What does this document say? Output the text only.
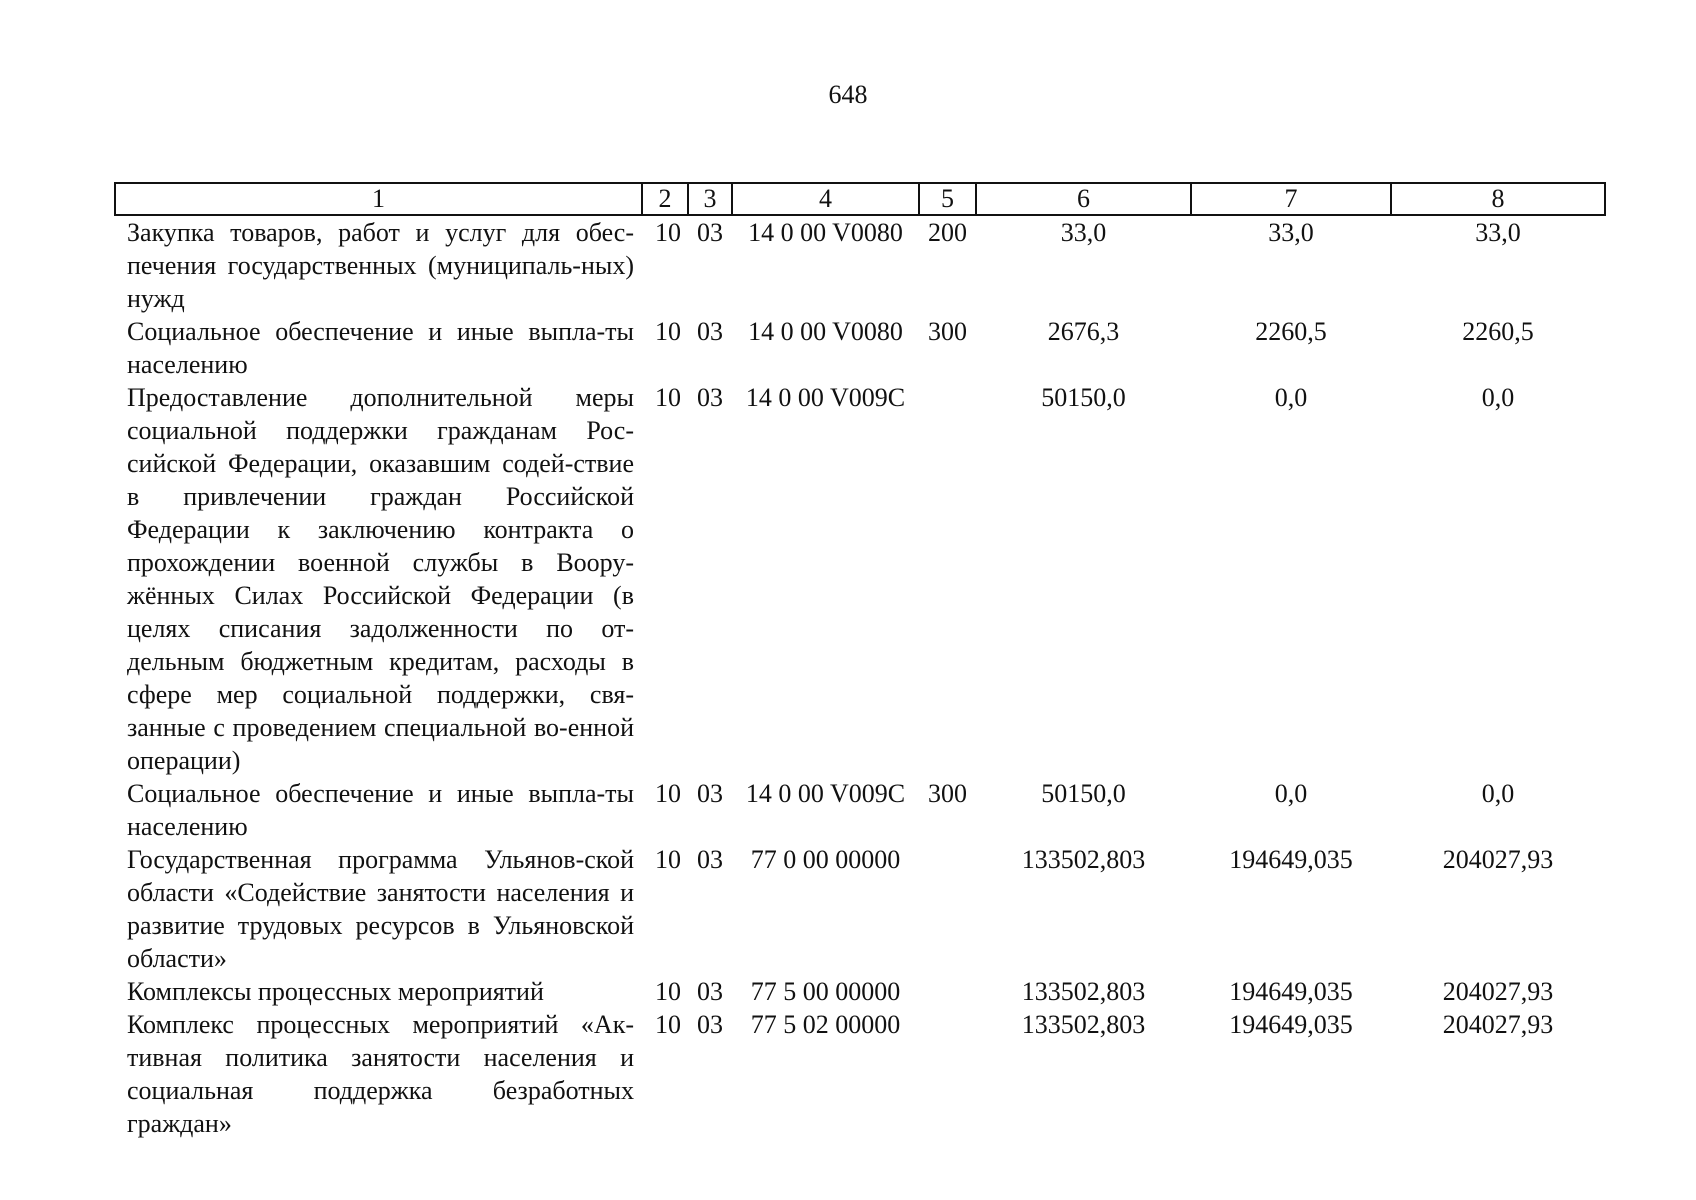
648
1	2	3	4	5	6	7	8
Закупка товаров, работ и услуг для обес-печения государственных (муниципаль-ных) нужд	10	03	14 0 00 V0080	200	33,0	33,0	33,0
Социальное обеспечение и иные выпла-ты населению	10	03	14 0 00 V0080	300	2676,3	2260,5	2260,5
Предоставление дополнительной меры социальной поддержки гражданам Рос-сийской Федерации, оказавшим содей-ствие в привлечении граждан Российской Федерации к заключению контракта о прохождении военной службы в Воору-жённых Силах Российской Федерации (в целях списания задолженности по от-дельным бюджетным кредитам, расходы в сфере мер социальной поддержки, свя-занные с проведением специальной во-енной операции)	10	03	14 0 00 V009C		50150,0	0,0	0,0
Социальное обеспечение и иные выпла-ты населению	10	03	14 0 00 V009C	300	50150,0	0,0	0,0
Государственная программа Ульянов-ской области «Содействие занятости населения и развитие трудовых ресурсов в Ульяновской области»	10	03	77 0 00 00000		133502,803	194649,035	204027,93
Комплексы процессных мероприятий	10	03	77 5 00 00000		133502,803	194649,035	204027,93
Комплекс процессных мероприятий «Ак-тивная политика занятости населения и социальная поддержка безработных граждан»	10	03	77 5 02 00000		133502,803	194649,035	204027,93
